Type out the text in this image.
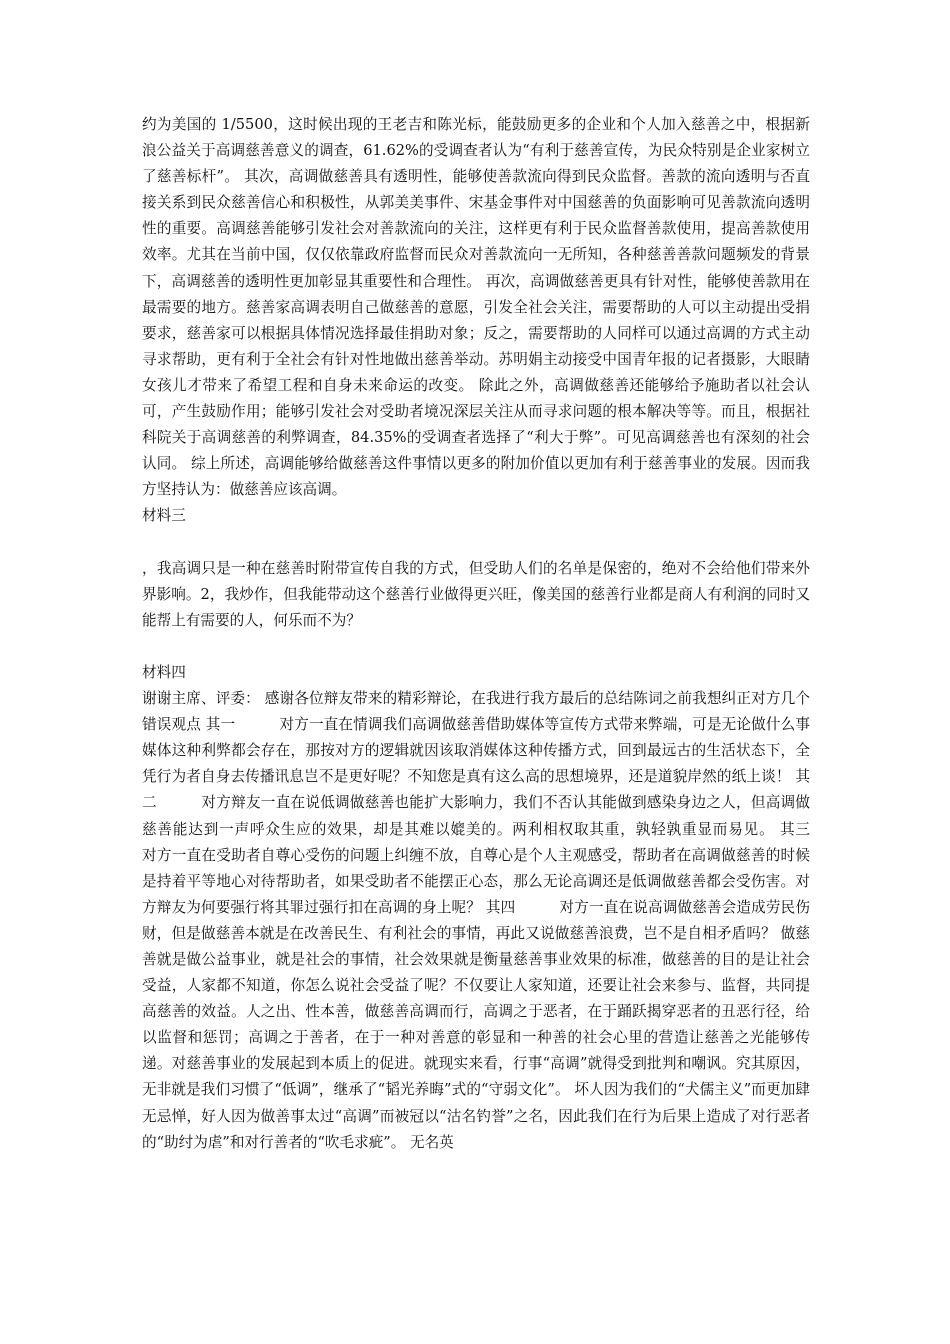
约为美国的 1/5500，这时候出现的王老吉和陈光标，能鼓励更多的企业和个人加入慈善之中，根据新浪公益关于高调慈善意义的调查，61.62%的受调查者认为“有利于慈善宣传，为民众特别是企业家树立了慈善标杆”。 其次，高调做慈善具有透明性，能够使善款流向得到民众监督。善款的流向透明与否直接关系到民众慈善信心和积极性，从郭美美事件、宋基金事件对中国慈善的负面影响可见善款流向透明性的重要。高调慈善能够引发社会对善款流向的关注，这样更有利于民众监督善款使用，提高善款使用效率。尤其在当前中国，仅仅依靠政府监督而民众对善款流向一无所知，各种慈善善款问题频发的背景下，高调慈善的透明性更加彰显其重要性和合理性。 再次，高调做慈善更具有针对性，能够使善款用在最需要的地方。慈善家高调表明自己做慈善的意愿，引发全社会关注，需要帮助的人可以主动提出受捐要求，慈善家可以根据具体情况选择最佳捐助对象；反之，需要帮助的人同样可以通过高调的方式主动寻求帮助，更有利于全社会有针对性地做出慈善举动。苏明娟主动接受中国青年报的记者摄影，大眼睛女孩儿才带来了希望工程和自身未来命运的改变。 除此之外，高调做慈善还能够给予施助者以社会认可，产生鼓励作用；能够引发社会对受助者境况深层关注从而寻求问题的根本解决等等。而且，根据社科院关于高调慈善的利弊调查，84.35%的受调查者选择了“利大于弊”。可见高调慈善也有深刻的社会认同。 综上所述，高调能够给做慈善这件事情以更多的附加价值以更加有利于慈善事业的发展。因而我方坚持认为：做慈善应该高调。

材料三

，我高调只是一种在慈善时附带宣传自我的方式，但受助人们的名单是保密的，绝对不会给他们带来外界影响。2，我炒作，但我能带动这个慈善行业做得更兴旺，像美国的慈善行业都是商人有利润的同时又能帮上有需要的人，何乐而不为？

材料四

谢谢主席、评委： 感谢各位辩友带来的精彩辩论，在我进行我方最后的总结陈词之前我想纠正对方几个错误观点 其一　　　对方一直在情调我们高调做慈善借助媒体等宣传方式带来弊端，可是无论做什么事媒体这种利弊都会存在，那按对方的逻辑就因该取消媒体这种传播方式，回到最远古的生活状态下，全凭行为者自身去传播讯息岂不是更好呢？不知您是真有这么高的思想境界，还是道貌岸然的纸上谈！ 其二　　　对方辩友一直在说低调做慈善也能扩大影响力，我们不否认其能做到感染身边之人，但高调做慈善能达到一声呼众生应的效果，却是其难以媲美的。两利相权取其重，孰轻孰重显而易见。 其三　　　对方一直在受助者自尊心受伤的问题上纠缠不放，自尊心是个人主观感受，帮助者在高调做慈善的时候是持着平等地心对待帮助者，如果受助者不能摆正心态，那么无论高调还是低调做慈善都会受伤害。对方辩友为何要强行将其罪过强行扣在高调的身上呢？ 其四　　　对方一直在说高调做慈善会造成劳民伤财，但是做慈善本就是在改善民生、有利社会的事情，再此又说做慈善浪费，岂不是自相矛盾吗？ 做慈善就是做公益事业，就是社会的事情，社会效果就是衡量慈善事业效果的标准，做慈善的目的是让社会受益，人家都不知道，你怎么说社会受益了呢？不仅要让人家知道，还要让社会来参与、监督，共同提高慈善的效益。人之出、性本善，做慈善高调而行，高调之于恶者，在于踊跃揭穿恶者的丑恶行径，给以监督和惩罚；高调之于善者，在于一种对善意的彰显和一种善的社会心里的营造让慈善之光能够传递。对慈善事业的发展起到本质上的促进。就现实来看，行事“高调”就得受到批判和嘲讽。究其原因，无非就是我们习惯了“低调”，继承了“韬光养晦”式的“守弱文化”。 坏人因为我们的“犬儒主义”而更加肆无忌惮，好人因为做善事太过“高调”而被冠以“沽名钓誉”之名，因此我们在行为后果上造成了对行恶者的“助纣为虐”和对行善者的“吹毛求疵”。 无名英
